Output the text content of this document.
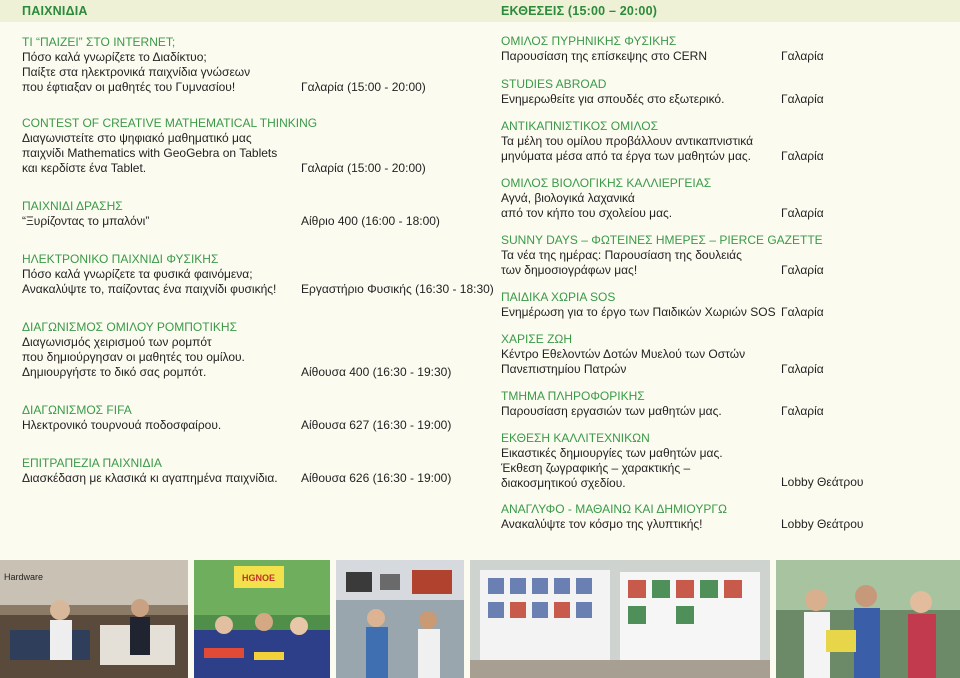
ΠΑΙΧΝΙΔΙΑ	ΕΚΘΕΣΕΙΣ (15:00 – 20:00)
ΤΙ “ΠΑΙΖΕΙ” ΣΤΟ INTERNET;
Πόσο καλά γνωρίζετε το Διαδίκτυο;
Παίξτε στα ηλεκτρονικά παιχνίδια γνώσεων
που έφτιαξαν οι μαθητές του Γυμνασίου!	Γαλαρία (15:00 - 20:00)
CONTEST OF CREATIVE MATHEMATICAL THINKING
Διαγωνιστείτε στο ψηφιακό μαθηματικό μας
παιχνίδι Mathematics with GeoGebra on Tablets
και κερδίστε ένα Tablet.	Γαλαρία (15:00 - 20:00)
ΠΑΙΧΝΙΔΙ ΔΡΑΣΗΣ
“Ξυρίζοντας το μπαλόνι”	Αίθριο 400 (16:00 - 18:00)
ΗΛΕΚΤΡΟΝΙΚΟ ΠΑΙΧΝΙΔΙ ΦΥΣΙΚΗΣ
Πόσο καλά γνωρίζετε τα φυσικά φαινόμενα;
Ανακαλύψτε το, παίζοντας ένα παιχνίδι φυσικής! Εργαστήριο Φυσικής (16:30 - 18:30)
ΔΙΑΓΩΝΙΣΜΟΣ ΟΜΙΛΟΥ ΡΟΜΠΟΤΙΚΗΣ
Διαγωνισμός χειρισμού των ρομπότ
που δημιούργησαν οι μαθητές του ομίλου.
Δημιουργήστε το δικό σας ρομπότ.	Αίθουσα 400 (16:30 - 19:30)
ΔΙΑΓΩΝΙΣΜΟΣ FIFA
Ηλεκτρονικό τουρνουά ποδοσφαίρου.	Αίθουσα 627 (16:30 - 19:00)
ΕΠΙΤΡΑΠΕΖΙΑ ΠΑΙΧΝΙΔΙΑ
Διασκέδαση με κλασικά κι αγαπημένα παιχνίδια. Αίθουσα 626 (16:30 - 19:00)
ΟΜΙΛΟΣ ΠΥΡΗΝΙΚΗΣ ΦΥΣΙΚΗΣ
Παρουσίαση της επίσκεψης στο CERN	Γαλαρία
STUDIES ABROAD
Ενημερωθείτε για σπουδές στο εξωτερικό.	Γαλαρία
ΑΝΤΙΚΑΠΝΙΣΤΙΚΟΣ ΟΜΙΛΟΣ
Τα μέλη του ομίλου προβάλλουν αντικαπνιστικά
μηνύματα μέσα από τα έργα των μαθητών μας. Γαλαρία
ΟΜΙΛΟΣ ΒΙΟΛΟΓΙΚΗΣ ΚΑΛΛΙΕΡΓΕΙΑΣ
Αγνά, βιολογικά λαχανικά
από τον κήπο του σχολείου μας.	Γαλαρία
SUNNY DAYS – ΦΩΤΕΙΝΕΣ ΗΜΕΡΕΣ – PIERCE GAZETTE
Τα νέα της ημέρας: Παρουσίαση της δουλειάς
των δημοσιογράφων μας!	Γαλαρία
ΠΑΙΔΙΚΑ ΧΩΡΙΑ SOS
Ενημέρωση για το έργο των Παιδικών Χωριών SOS Γαλαρία
ΧΑΡΙΣΕ ΖΩΗ
Κέντρο Εθελοντών Δοτών Μυελού των Οστών
Πανεπιστημίου Πατρών	Γαλαρία
ΤΜΗΜΑ ΠΛΗΡΟΦΟΡΙΚΗΣ
Παρουσίαση εργασιών των μαθητών μας.	Γαλαρία
ΕΚΘΕΣΗ ΚΑΛΛΙΤΕΧΝΙΚΩΝ
Εικαστικές δημιουργίες των μαθητών μας.
Έκθεση ζωγραφικής – χαρακτικής –
διακοσμητικού σχεδίου.	Lobby Θεάτρου
ΑΝΑΓΛΥΦΟ - ΜΑΘΑΙΝΩ ΚΑΙ ΔΗΜΙΟΥΡΓΩ
Ανακαλύψτε τον κόσμο της γλυπτικής!	Lobby Θεάτρου
Hardware	HGNOE
